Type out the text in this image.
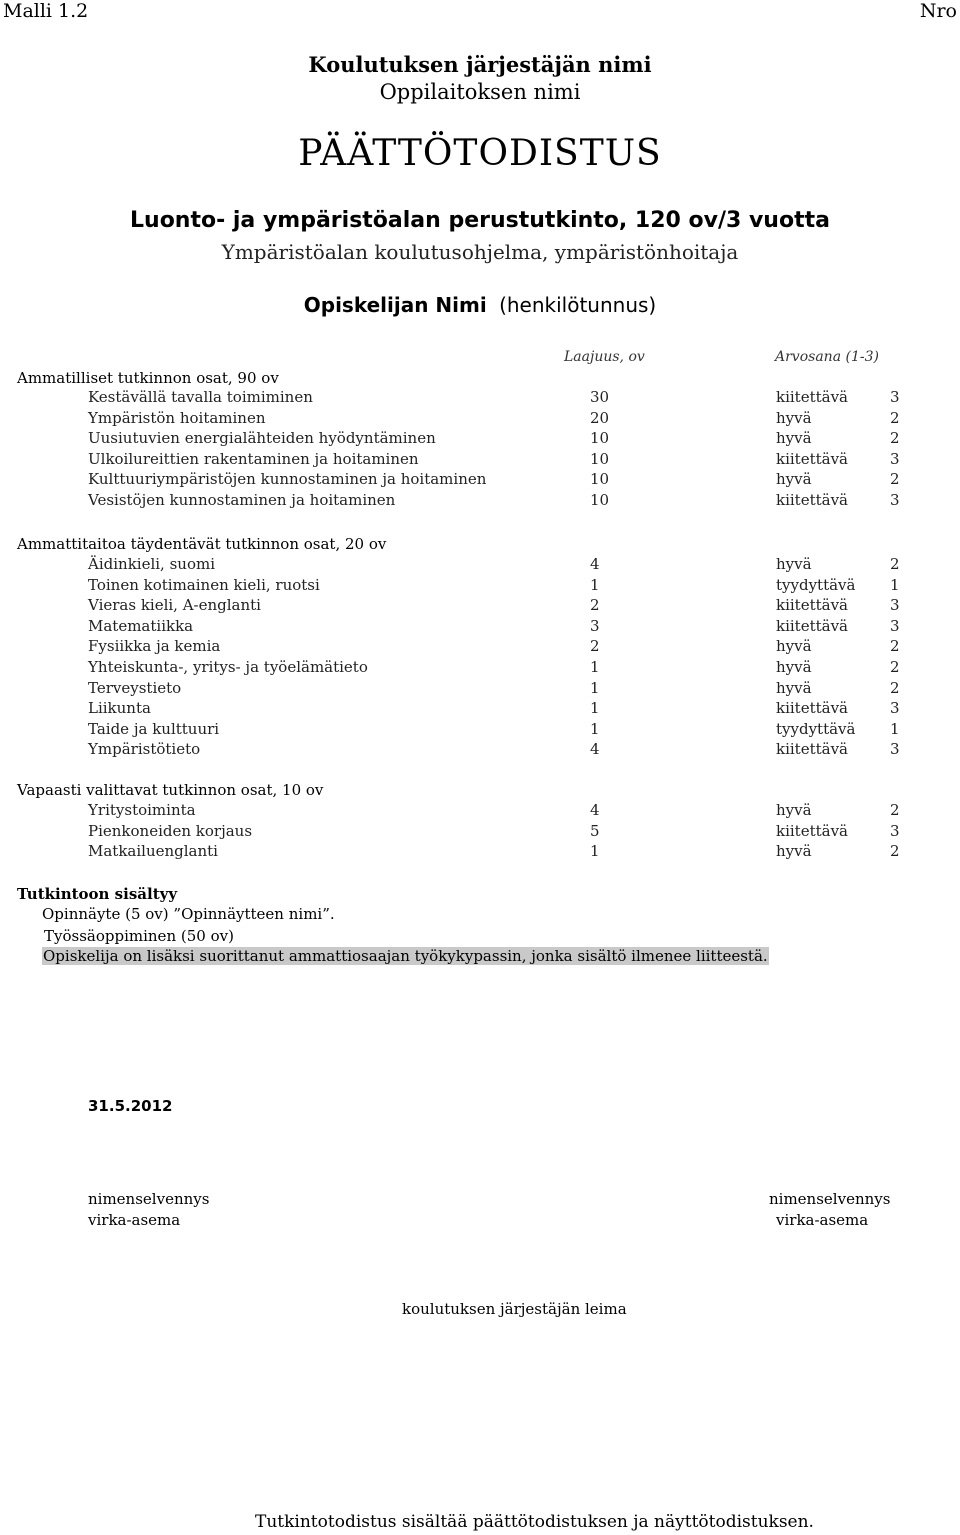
Malli 1.2	Nro
Koulutuksen järjestäjän nimi
Oppilaitoksen nimi
PÄÄTTÖTODISTUS
Luonto- ja ympäristöalan perustutkinto, 120 ov/3 vuotta
Ympäristöalan koulutusohjelma, ympäristönhoitaja
Opiskelijan Nimi (henkilötunnus)
Laajuus, ov	Arvosana (1-3)
Ammatilliset tutkinnon osat, 90 ov
Kestävällä tavalla toimiminen	30	kiitettävä	3
Ympäristön hoitaminen	20	hyvä	2
Uusiutuvien energialähteiden hyödyntäminen	10	hyvä	2
Ulkoilureittien rakentaminen ja hoitaminen	10	kiitettävä	3
Kulttuuriympäristöjen kunnostaminen ja hoitaminen	10	hyvä	2
Vesistöjen kunnostaminen ja hoitaminen	10	kiitettävä	3
Ammattitaitoa täydentävät tutkinnon osat, 20 ov
Äidinkieli, suomi	4	hyvä	2
Toinen kotimainen kieli, ruotsi	1	tyydyttävä 1
Vieras kieli, A-englanti	2	kiitettävä	3
Matematiikka	3	kiitettävä	3
Fysiikka ja kemia	2	hyvä	2
Yhteiskunta-, yritys- ja työelämätieto	1	hyvä	2
Terveystieto	1	hyvä	2
Liikunta	1	kiitettävä	3
Taide ja kulttuuri	1	tyydyttävä 1
Ympäristötieto	4	kiitettävä	3
Vapaasti valittavat tutkinnon osat, 10 ov
Yritystoiminta	4	hyvä	2
Pienkoneiden korjaus	5	kiitettävä	3
Matkailuenglanti	1	hyvä	2
Tutkintoon sisältyy
Opinnäyte (5 ov) ”Opinnäytteen nimi”.
Työssäoppiminen (50 ov)
Opiskelija on lisäksi suorittanut ammattiosaajan työkykypassin, jonka sisältö ilmenee liitteestä.
31.5.2012
nimenselvennys
virka-asema
nimenselvennys
virka-asema
koulutuksen järjestäjän leima
Tutkintotodistus sisältää päättötodistuksen ja näyttötodistuksen.
